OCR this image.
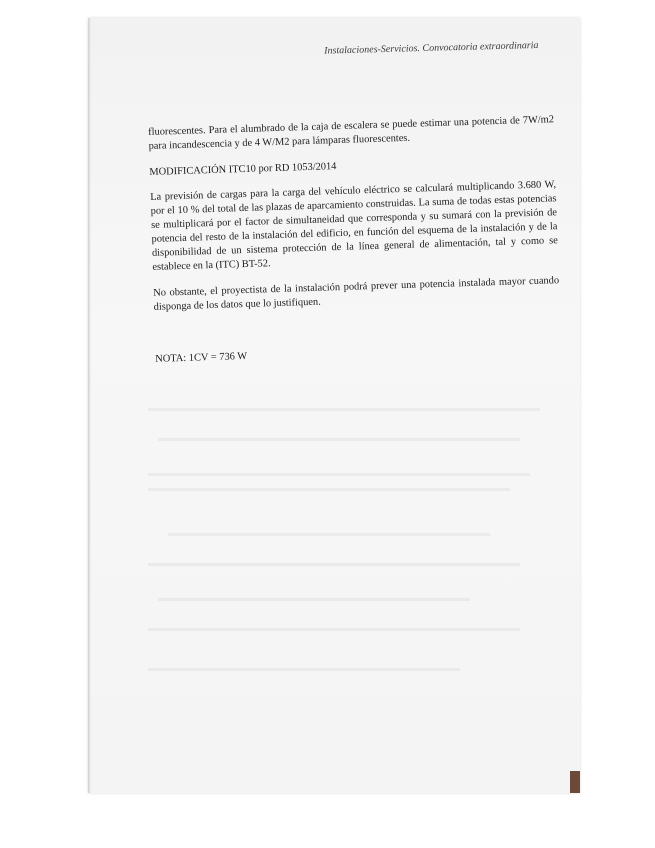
Instalaciones-Servicios. Convocatoria extraordinaria

fluorescentes. Para el alumbrado de la caja de escalera se puede estimar una potencia de 7W/m2 para incandescencia y de 4 W/M2 para lámparas fluorescentes.

MODIFICACIÓN ITC10 por RD 1053/2014

La previsión de cargas para la carga del vehículo eléctrico se calculará multiplicando 3.680 W, por el 10 % del total de las plazas de aparcamiento construidas. La suma de todas estas potencias se multiplicará por el factor de simultaneidad que corresponda y su sumará con la previsión de potencia del resto de la instalación del edificio, en función del esquema de la instalación y de la disponibilidad de un sistema protección de la línea general de alimentación, tal y como se establece en la (ITC) BT-52.

No obstante, el proyectista de la instalación podrá prever una potencia instalada mayor cuando disponga de los datos que lo justifiquen.

NOTA: 1CV = 736 W
